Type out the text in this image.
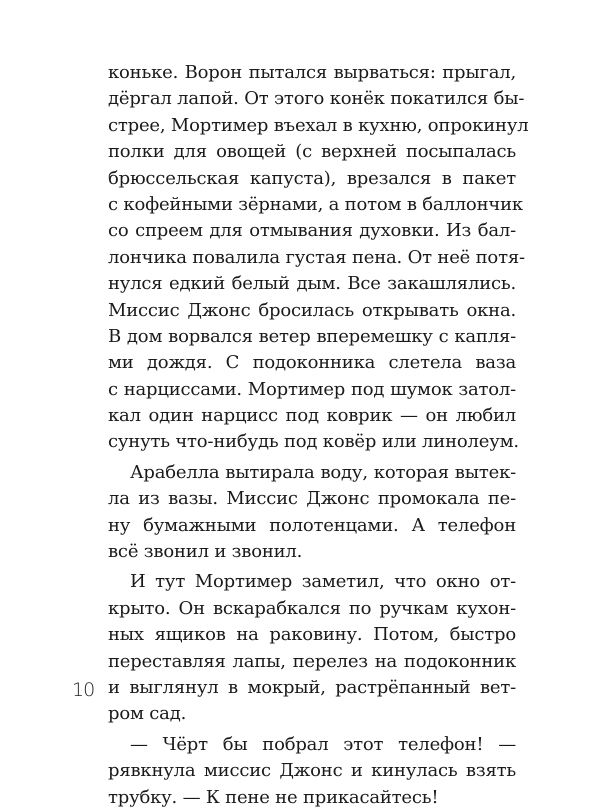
коньке. Ворон пытался вырваться: прыгал,
дёргал лапой. От этого конёк покатился бы-
стрее, Мортимер въехал в кухню, опрокинул
полки для овощей (с верхней посыпалась
брюссельская капуста), врезался в пакет
с кофейными зёрнами, а потом в баллончик
со спреем для отмывания духовки. Из бал-
лончика повалила густая пена. От неё потя-
нулся едкий белый дым. Все закашлялись.
Миссис Джонс бросилась открывать окна.
В дом ворвался ветер вперемешку с капля-
ми дождя. С подоконника слетела ваза
с нарциссами. Мортимер под шумок затол-
кал один нарцисс под коврик — он любил
сунуть что-нибудь под ковёр или линолеум.
Арабелла вытирала воду, которая вытек-
ла из вазы. Миссис Джонс промокала пе-
ну бумажными полотенцами. А телефон
всё звонил и звонил.
И тут Мортимер заметил, что окно от-
крыто. Он вскарабкался по ручкам кухон-
ных ящиков на раковину. Потом, быстро
переставляя лапы, перелез на подоконник
и выглянул в мокрый, растрёпанный вет-
ром сад.
— Чёрт бы побрал этот телефон! —
рявкнула миссис Джонс и кинулась взять
трубку. — К пене не прикасайтесь!
10
